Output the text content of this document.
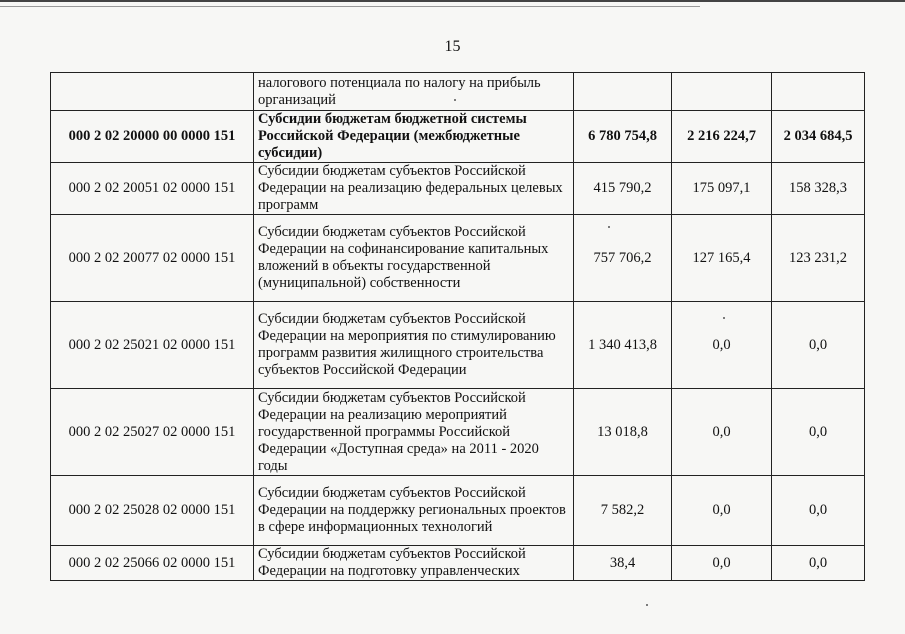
15
	налогового потенциала по налогу на прибыль организаций			
000 2 02 20000 00 0000 151	Субсидии бюджетам бюджетной системы Российской Федерации (межбюджетные субсидии)	6 780 754,8	2 216 224,7	2 034 684,5
000 2 02 20051 02 0000 151	Субсидии бюджетам субъектов Российской Федерации на реализацию федеральных целевых программ	415 790,2	175 097,1	158 328,3
000 2 02 20077 02 0000 151	Субсидии бюджетам субъектов Российской Федерации на софинансирование капитальных вложений в объекты государственной (муниципальной) собственности	757 706,2	127 165,4	123 231,2
000 2 02 25021 02 0000 151	Субсидии бюджетам субъектов Российской Федерации на мероприятия по стимулированию программ развития жилищного строительства субъектов Российской Федерации	1 340 413,8	0,0	0,0
000 2 02 25027 02 0000 151	Субсидии бюджетам субъектов Российской Федерации на реализацию мероприятий государственной программы Российской Федерации «Доступная среда» на 2011 - 2020 годы	13 018,8	0,0	0,0
000 2 02 25028 02 0000 151	Субсидии бюджетам субъектов Российской Федерации на поддержку региональных проектов в сфере информационных технологий	7 582,2	0,0	0,0
000 2 02 25066 02 0000 151	Субсидии бюджетам субъектов Российской Федерации на подготовку управленческих	38,4	0,0	0,0
